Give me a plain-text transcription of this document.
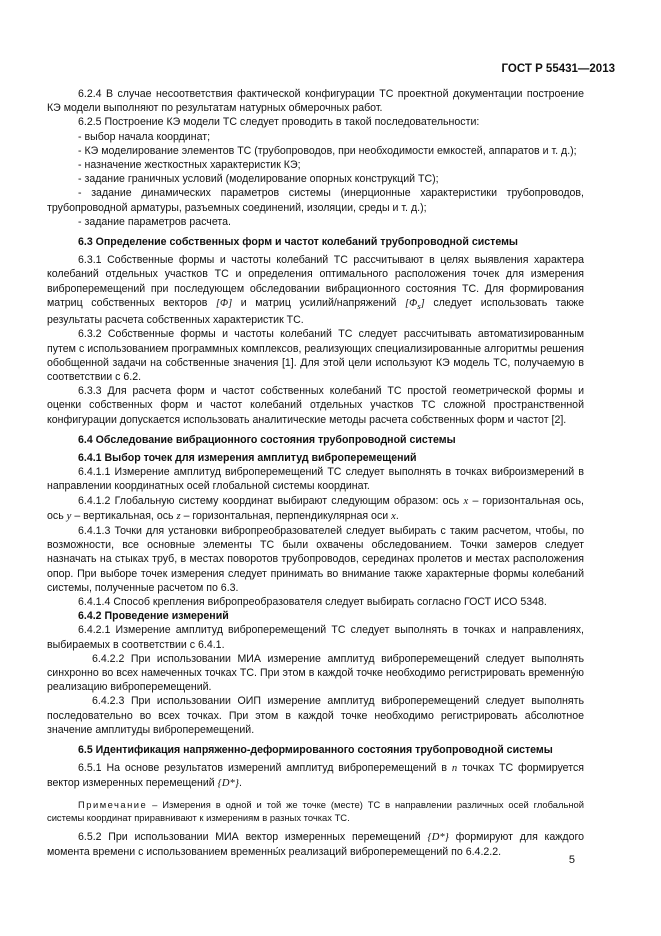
ГОСТ Р 55431—2013

6.2.4 В случае несоответствия фактической конфигурации ТС проектной документации построение КЭ модели выполняют по результатам натурных обмерочных работ.

6.2.5 Построение КЭ модели ТС следует проводить в такой последовательности:

- выбор начала координат;

- КЭ моделирование элементов ТС (трубопроводов, при необходимости емкостей, аппаратов и т. д.);

- назначение жесткостных характеристик КЭ;

- задание граничных условий (моделирование опорных конструкций ТС);

- задание динамических параметров системы (инерционные характеристики трубопроводов, трубопроводной арматуры, разъемных соединений, изоляции, среды и т. д.);

- задание параметров расчета.

6.3 Определение собственных форм и частот колебаний трубопроводной системы

6.3.1 Собственные формы и частоты колебаний ТС рассчитывают в целях выявления характера колебаний отдельных участков ТС и определения оптимального расположения точек для измерения виброперемещений при последующем обследовании вибрационного состояния ТС. Для формирования матриц собственных векторов [Φ] и матриц усилий/напряжений $[\Phi_s]$ следует использовать также результаты расчета собственных характеристик ТС.

6.3.2 Собственные формы и частоты колебаний ТС следует рассчитывать автоматизированным путем с использованием программных комплексов, реализующих специализированные алгоритмы решения обобщенной задачи на собственные значения [1]. Для этой цели используют КЭ модель ТС, получаемую в соответствии с 6.2.

6.3.3 Для расчета форм и частот собственных колебаний ТС простой геометрической формы и оценки собственных форм и частот колебаний отдельных участков ТС сложной пространственной конфигурации допускается использовать аналитические методы расчета собственных форм и частот [2].

6.4 Обследование вибрационного состояния трубопроводной системы

6.4.1 Выбор точек для измерения амплитуд виброперемещений

6.4.1.1 Измерение амплитуд виброперемещений ТС следует выполнять в точках виброизмерений в направлении координатных осей глобальной системы координат.

6.4.1.2 Глобальную систему координат выбирают следующим образом: ось x – горизонтальная ось, ось y – вертикальная, ось z – горизонтальная, перпендикулярная оси x.

6.4.1.3 Точки для установки вибропреобразователей следует выбирать с таким расчетом, чтобы, по возможности, все основные элементы ТС были охвачены обследованием. Точки замеров следует назначать на стыках труб, в местах поворотов трубопроводов, серединах пролетов и местах расположения опор. При выборе точек измерения следует принимать во внимание также характерные формы колебаний системы, полученные расчетом по 6.3.

6.4.1.4 Способ крепления вибропреобразователя следует выбирать согласно ГОСТ ИСО 5348.

6.4.2 Проведение измерений

6.4.2.1 Измерение амплитуд виброперемещений ТС следует выполнять в точках и направлениях, выбираемых в соответствии с 6.4.1.

6.4.2.2 При использовании МИА измерение амплитуд виброперемещений следует выполнять синхронно во всех намеченных точках ТС. При этом в каждой точке необходимо регистрировать временнýю реализацию виброперемещений.

6.4.2.3 При использовании ОИП измерение амплитуд виброперемещений следует выполнять последовательно во всех точках. При этом в каждой точке необходимо регистрировать абсолютное значение амплитуды виброперемещений.

6.5 Идентификация напряженно-деформированного состояния трубопроводной системы

6.5.1 На основе результатов измерений амплитуд виброперемещений в n точках ТС формируется вектор измеренных перемещений {D*}.

Примечание – Измерения в одной и той же точке (месте) ТС в направлении различных осей глобальной системы координат приравнивают к измерениям в разных точках ТС.

6.5.2 При использовании МИА вектор измеренных перемещений {D*} формируют для каждого момента времени с использованием временны́х реализаций виброперемещений по 6.4.2.2.

5
